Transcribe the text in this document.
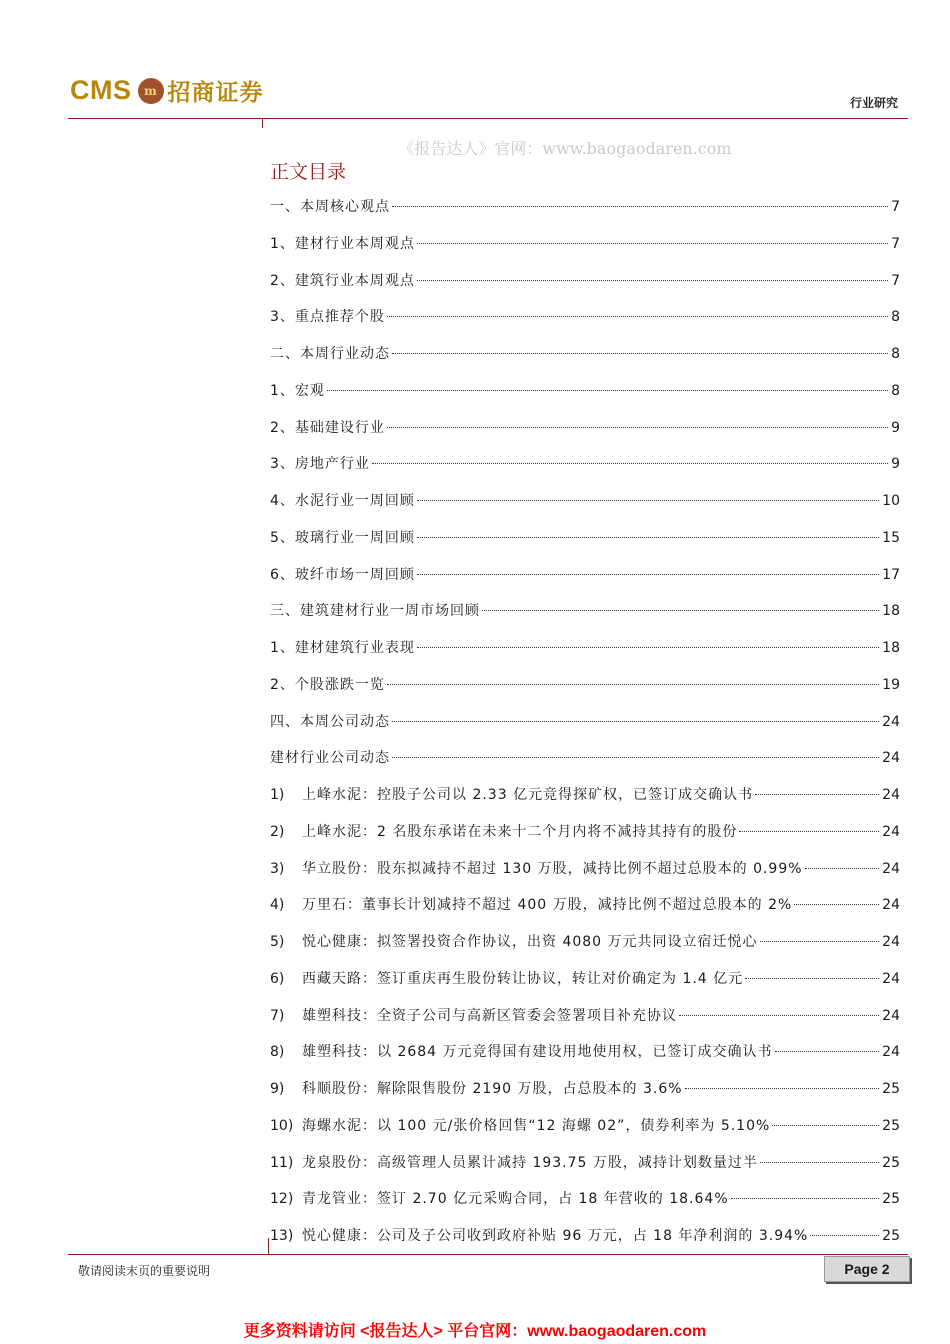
CMS	m 招商证券	行业研究
《报告达人》官网：www.baogaodaren.com
正文目录
一、本周核心观点	7
1、建材行业本周观点	7
2、建筑行业本周观点	7
3、重点推荐个股	8
二、本周行业动态	8
1、宏观	8
2、基础建设行业	9
3、房地产行业	9
4、水泥行业一周回顾	10
5、玻璃行业一周回顾	15
6、玻纤市场一周回顾	17
三、建筑建材行业一周市场回顾	18
1、建材建筑行业表现	18
2、个股涨跌一览	19
四、本周公司动态	24
建材行业公司动态	24
1)	上峰水泥：控股子公司以 2.33 亿元竞得探矿权，已签订成交确认书	24
2)	上峰水泥：2 名股东承诺在未来十二个月内将不减持其持有的股份	24
3)	华立股份：股东拟减持不超过 130 万股，减持比例不超过总股本的 0.99%	24
4)	万里石：董事长计划减持不超过 400 万股，减持比例不超过总股本的 2%	24
5)	悦心健康：拟签署投资合作协议，出资 4080 万元共同设立宿迁悦心	24
6)	西藏天路：签订重庆再生股份转让协议，转让对价确定为 1.4 亿元	24
7)	雄塑科技：全资子公司与高新区管委会签署项目补充协议	24
8)	雄塑科技：以 2684 万元竞得国有建设用地使用权，已签订成交确认书	24
9)	科顺股份：解除限售股份 2190 万股，占总股本的 3.6%	25
10) 海螺水泥：以 100 元/张价格回售“12 海螺 02”，债券利率为 5.10%	25
11) 龙泉股份：高级管理人员累计减持 193.75 万股，减持计划数量过半	25
12) 青龙管业：签订 2.70 亿元采购合同，占 18 年营收的 18.64%	25
13) 悦心健康：公司及子公司收到政府补贴 96 万元，占 18 年净利润的 3.94%	25
敬请阅读末页的重要说明	Page 2
更多资料请访问 <报告达人> 平台官网：www.baogaodaren.com
